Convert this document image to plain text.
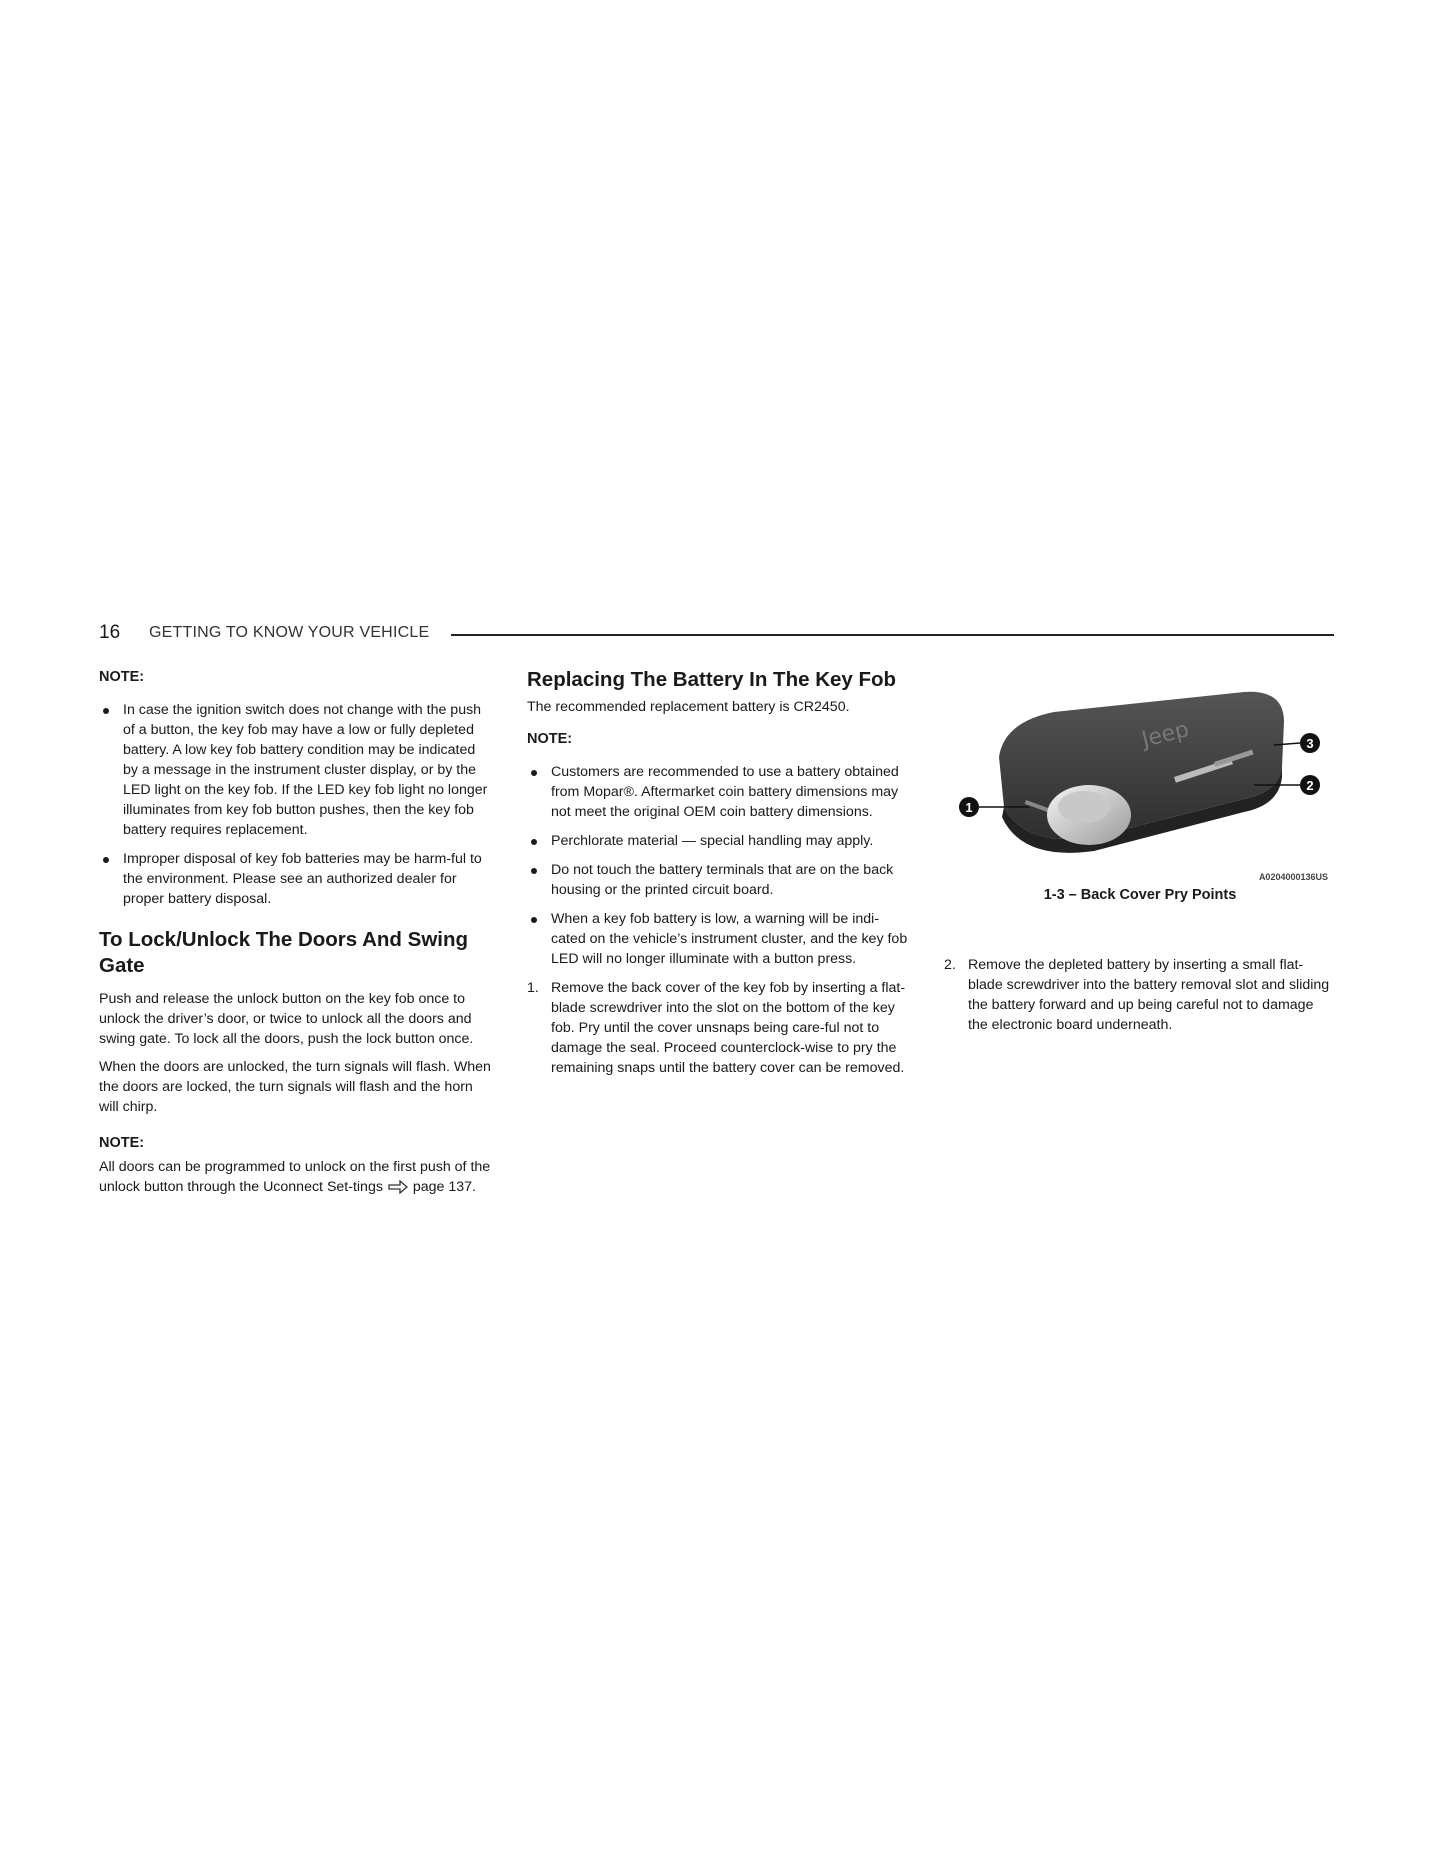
16 GETTING TO KNOW YOUR VEHICLE
NOTE:
In case the ignition switch does not change with the push of a button, the key fob may have a low or fully depleted battery. A low key fob battery condition may be indicated by a message in the instrument cluster display, or by the LED light on the key fob. If the LED key fob light no longer illuminates from key fob button pushes, then the key fob battery requires replacement.
Improper disposal of key fob batteries may be harm-ful to the environment. Please see an authorized dealer for proper battery disposal.
To Lock/Unlock The Doors And Swing Gate

Push and release the unlock button on the key fob once to unlock the driver’s door, or twice to unlock all the doors and swing gate. To lock all the doors, push the lock button once.

When the doors are unlocked, the turn signals will flash. When the doors are locked, the turn signals will flash and the horn will chirp.

NOTE:

All doors can be programmed to unlock on the first push of the unlock button through the Uconnect Set-tings page 137.

Replacing The Battery In The Key Fob

The recommended replacement battery is CR2450.

NOTE:
Customers are recommended to use a battery obtained from Mopar®. Aftermarket coin battery dimensions may not meet the original OEM coin battery dimensions.
Perchlorate material — special handling may apply.
Do not touch the battery terminals that are on the back housing or the printed circuit board.
When a key fob battery is low, a warning will be indi-cated on the vehicle’s instrument cluster, and the key fob LED will no longer illuminate with a button press.
1. Remove the back cover of the key fob by inserting a flat-blade screwdriver into the slot on the bottom of the key fob. Pry until the cover unsnaps being care-ful not to damage the seal. Proceed counterclock-wise to pry the remaining snaps until the battery cover can be removed.
Jeep
1
2
3
A0204000136US
1-3 – Back Cover Pry Points
2. Remove the depleted battery by inserting a small flat-blade screwdriver into the battery removal slot and sliding the battery forward and up being careful not to damage the electronic board underneath.
